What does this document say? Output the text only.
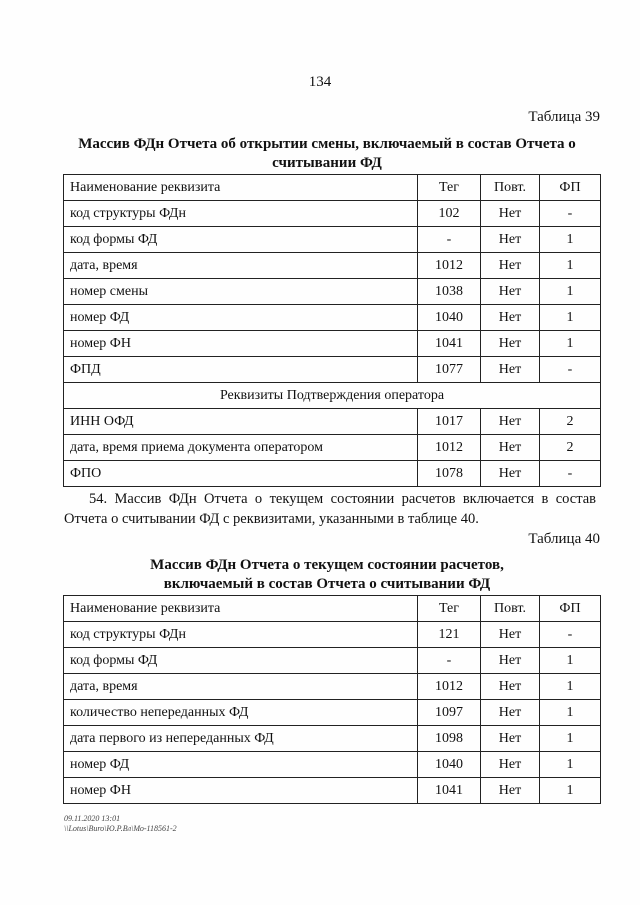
134
Таблица 39
Массив ФДн Отчета об открытии смены, включаемый в состав Отчета о
считывании ФД
Наименование реквизита	Тег	Повт.	ФП
код структуры ФДн	102	Нет	-
код формы ФД	-	Нет	1
дата, время	1012	Нет	1
номер смены	1038	Нет	1
номер ФД	1040	Нет	1
номер ФН	1041	Нет	1
ФПД	1077	Нет	-
Реквизиты Подтверждения оператора			
ИНН ОФД	1017	Нет	2
дата, время приема документа оператором	1012	Нет	2
ФПО	1078	Нет	-
54. Массив ФДн Отчета о текущем состоянии расчетов включается в состав Отчета о считывании ФД с реквизитами, указанными в таблице 40.
Таблица 40
Массив ФДн Отчета о текущем состоянии расчетов,
включаемый в состав Отчета о считывании ФД
Наименование реквизита	Тег	Повт.	ФП
код структуры ФДн	121	Нет	-
код формы ФД	-	Нет	1
дата, время	1012	Нет	1
количество непереданных ФД	1097	Нет	1
дата первого из непереданных ФД	1098	Нет	1
номер ФД	1040	Нет	1
номер ФН	1041	Нет	1
09.11.2020 13:01
\\Lotus\Buro\Ю.Р.Вл\Мо-118561-2
